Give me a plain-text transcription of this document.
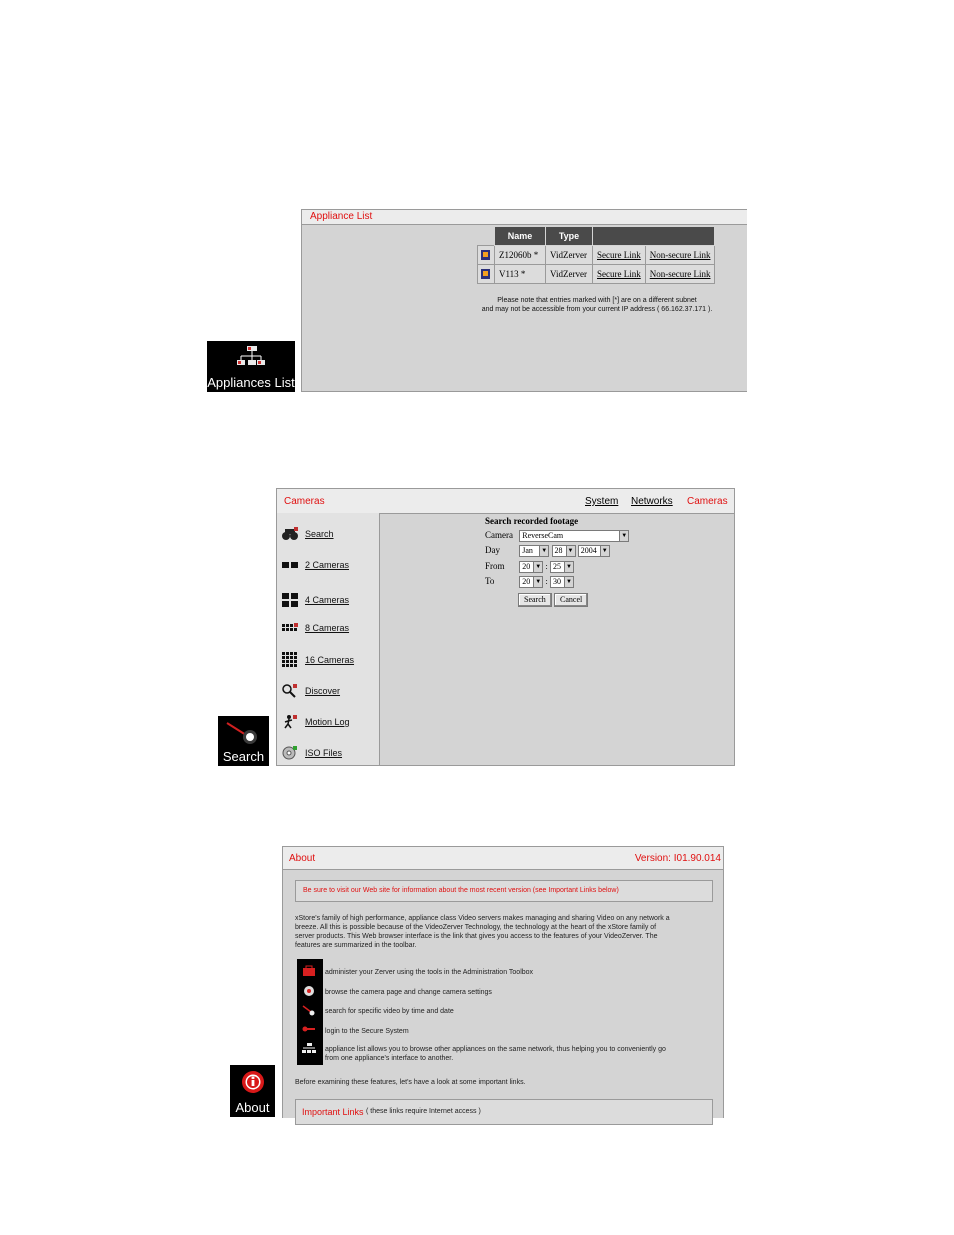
Appliances List
Appliance List
	Name	Type		
	Z12060b *	VidZerver	Secure Link	Non-secure Link
	V113 *	VidZerver	Secure Link	Non-secure Link
Please note that entries marked with [*] are on a different subnet
and may not be accessible from your current IP address ( 66.162.37.171 ).
Search
Cameras	System Networks Cameras
Search
2 Cameras
4 Cameras
8 Cameras
16 Cameras
Discover
Motion Log
ISO Files
Search recorded footage
Camera ReverseCam	▼
Day	Jan	▼ 28 ▼ 2004 ▼
From 20 ▼ : 25 ▼
To	20 ▼ : 30 ▼
Search Cancel
About
About	Version: I01.90.014
Be sure to visit our Web site for information about the most recent version (see Important Links below)
xStore's family of high performance, appliance class Video servers makes managing and sharing Video on any network a
breeze. All this is possible because of the VideoZerver Technology, the technology at the heart of the xStore family of
server products. This Web browser interface is the link that gives you access to the features of your VideoZerver. The
features are summarized in the toolbar.
administer your Zerver using the tools in the Administration Toolbox
browse the camera page and change camera settings
search for specific video by time and date
login to the Secure System
appliance list allows you to browse other appliances on the same network, thus helping you to conveniently go
from one appliance's interface to another.
Before examining these features, let's have a look at some important links.
Important Links ( these links require Internet access )
